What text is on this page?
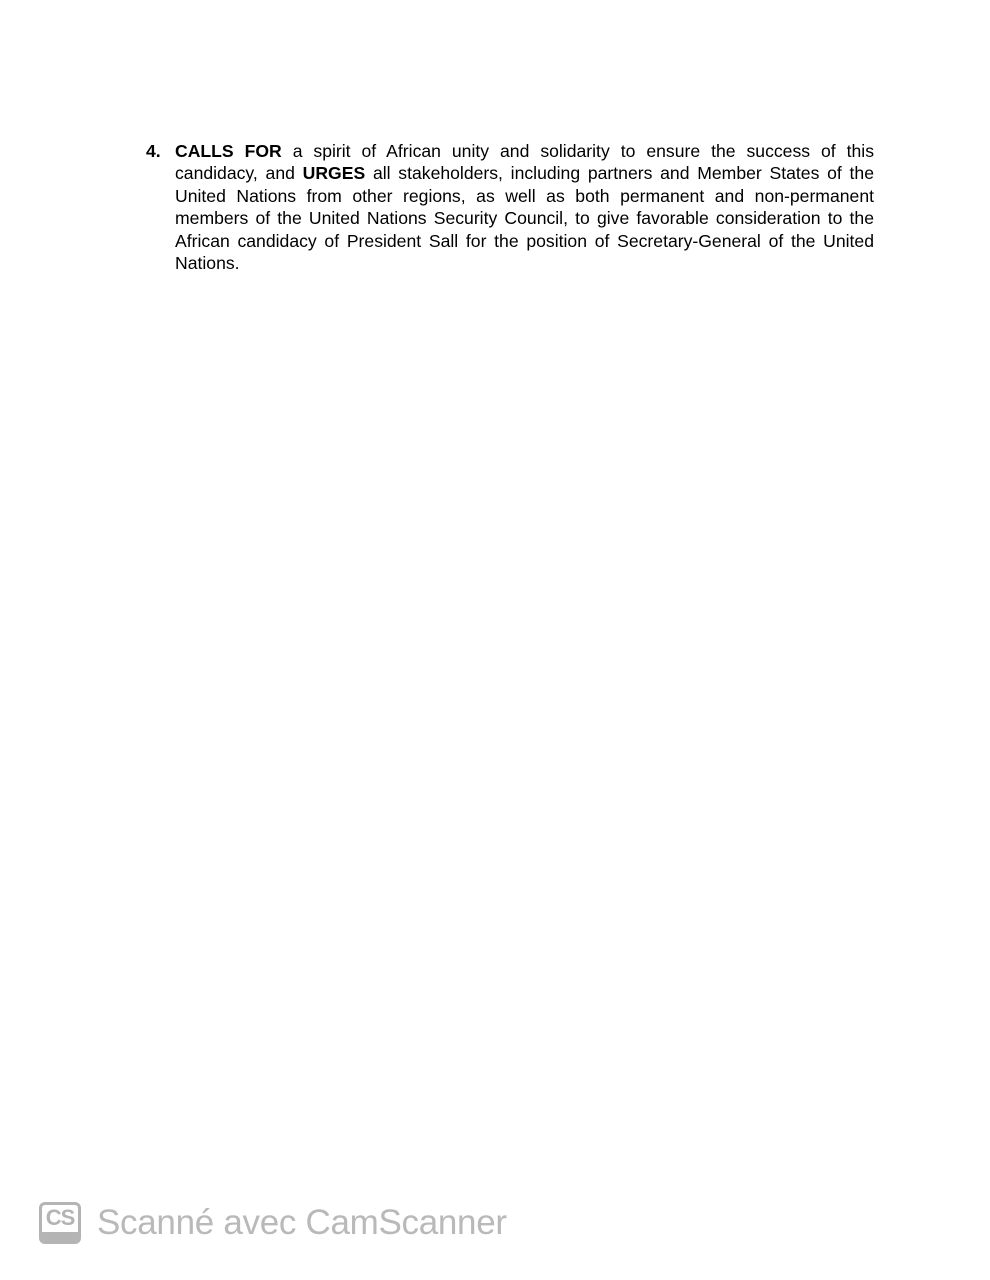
4. CALLS FOR a spirit of African unity and solidarity to ensure the success of this candidacy, and URGES all stakeholders, including partners and Member States of the United Nations from other regions, as well as both permanent and non-permanent members of the United Nations Security Council, to give favorable consideration to the African candidacy of President Sall for the position of Secretary-General of the United Nations.
CS Scanné avec CamScanner
